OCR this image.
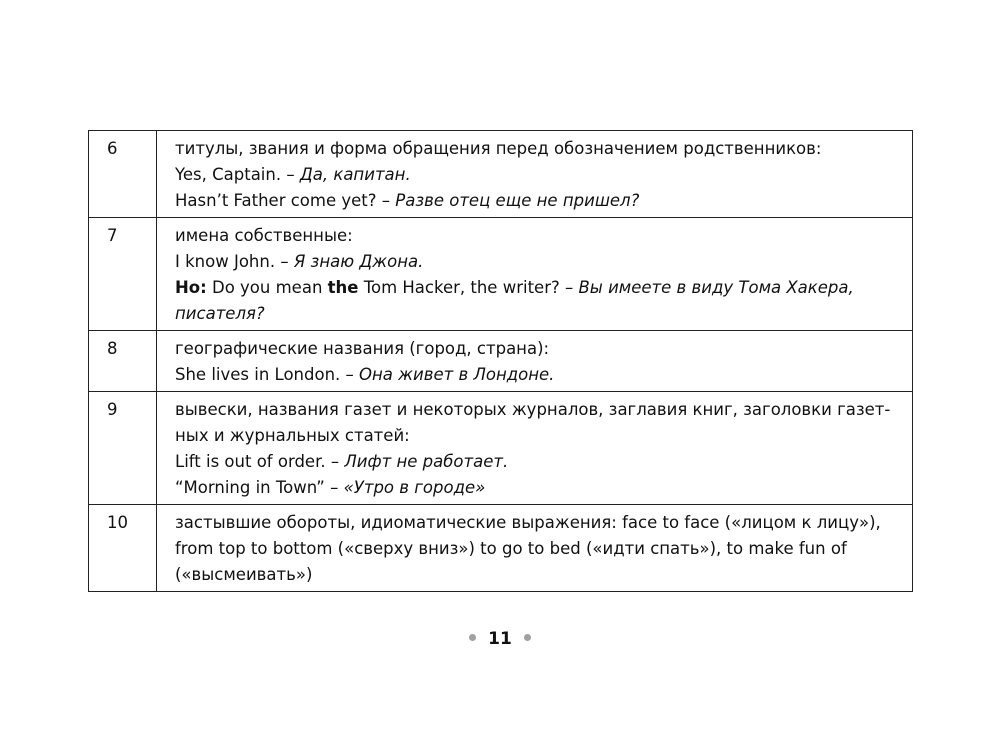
6	титулы, звания и форма обращения перед обозначением родственников:
Yes, Captain. – Да, капитан.
Hasn’t Father come yet? – Разве отец еще не пришел?

7	имена собственные:
I know John. – Я знаю Джона.
Но: Do you mean the Tom Hacker, the writer? – Вы имеете в виду Тома Хакера, писателя?

8	географические названия (город, страна):
She lives in London. – Она живет в Лондоне.

9	вывески, названия газет и некоторых журналов, заглавия книг, заголовки газет-ных и журнальных статей:
Lift is out of order. – Лифт не работает.
“Morning in Town” – «Утро в городе»

10	застывшие обороты, идиоматические выражения: face to face («лицом к лицу»), from top to bottom («сверху вниз») to go to bed («идти спать»), to make fun of («высмеивать»)
11
